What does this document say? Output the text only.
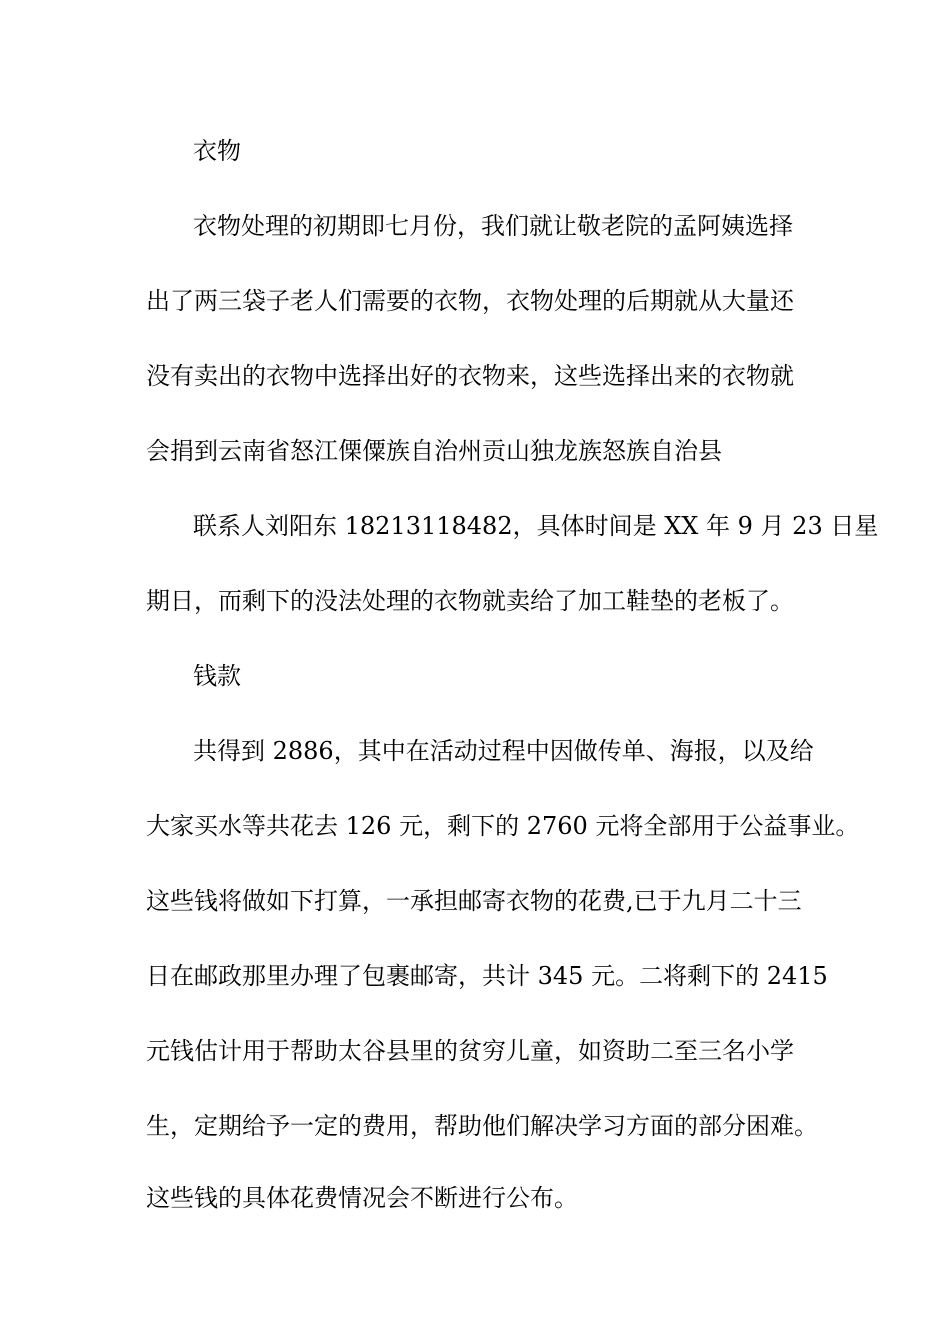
衣物
衣物处理的初期即七月份，我们就让敬老院的孟阿姨选择
出了两三袋子老人们需要的衣物，衣物处理的后期就从大量还
没有卖出的衣物中选择出好的衣物来，这些选择出来的衣物就
会捐到云南省怒江傈僳族自治州贡山独龙族怒族自治县
联系人刘阳东 18213118482，具体时间是 XX 年 9 月 23 日星
期日，而剩下的没法处理的衣物就卖给了加工鞋垫的老板了。
钱款
共得到 2886，其中在活动过程中因做传单、海报，以及给
大家买水等共花去 126 元，剩下的 2760 元将全部用于公益事业。
这些钱将做如下打算，一承担邮寄衣物的花费,已于九月二十三
日在邮政那里办理了包裹邮寄，共计 345 元。二将剩下的 2415
元钱估计用于帮助太谷县里的贫穷儿童，如资助二至三名小学
生，定期给予一定的费用，帮助他们解决学习方面的部分困难。
这些钱的具体花费情况会不断进行公布。
